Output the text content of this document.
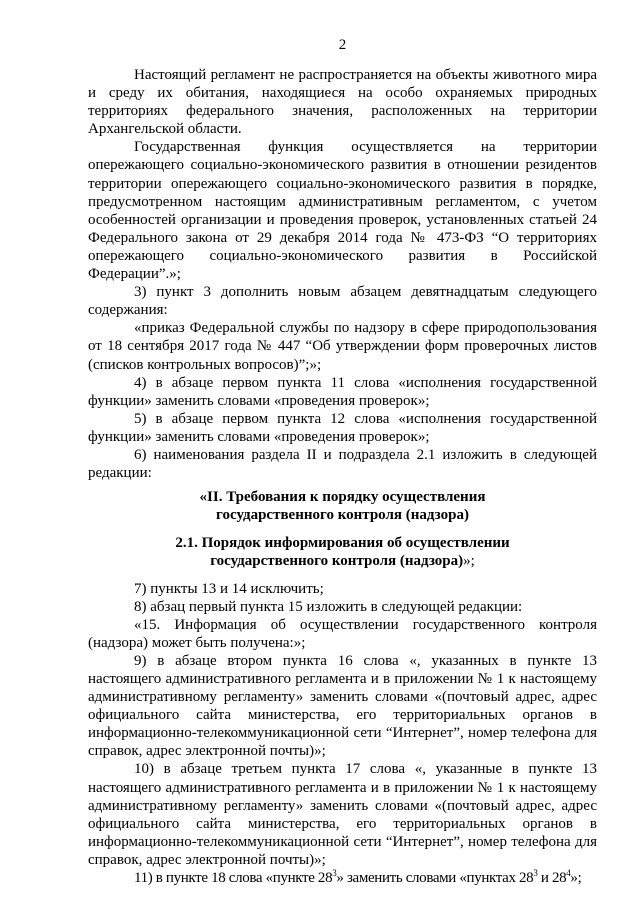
2

Настоящий регламент не распространяется на объекты животного мира и среду их обитания, находящиеся на особо охраняемых природных территориях федерального значения, расположенных на территории Архангельской области.

Государственная функция осуществляется на территории опережающего социально-экономического развития в отношении резидентов территории опережающего социально-экономического развития в порядке, предусмотренном настоящим административным регламентом, с учетом особенностей организации и проведения проверок, установленных статьей 24 Федерального закона от 29 декабря 2014 года № 473-ФЗ “О территориях опережающего социально-экономического развития в Российской Федерации”.»;

3) пункт 3 дополнить новым абзацем девятнадцатым следующего содержания:

«приказ Федеральной службы по надзору в сфере природопользования от 18 сентября 2017 года № 447 “Об утверждении форм проверочных листов (списков контрольных вопросов)”;»;

4) в абзаце первом пункта 11 слова «исполнения государственной функции» заменить словами «проведения проверок»;

5) в абзаце первом пункта 12 слова «исполнения государственной функции» заменить словами «проведения проверок»;

6) наименования раздела II и подраздела 2.1 изложить в следующей редакции:

«II. Требования к порядку осуществления
государственного контроля (надзора)
2.1. Порядок информирования об осуществлении
государственного контроля (надзора)»;

7) пункты 13 и 14 исключить;

8) абзац первый пункта 15 изложить в следующей редакции:

«15. Информация об осуществлении государственного контроля (надзора) может быть получена:»;

9) в абзаце втором пункта 16 слова «, указанных в пункте 13 настоящего административного регламента и в приложении № 1 к настоящему административному регламенту» заменить словами «(почтовый адрес, адрес официального сайта министерства, его территориальных органов в информационно-телекоммуникационной сети “Интернет”, номер телефона для справок, адрес электронной почты)»;

10) в абзаце третьем пункта 17 слова «, указанные в пункте 13 настоящего административного регламента и в приложении № 1 к настоящему административному регламенту» заменить словами «(почтовый адрес, адрес официального сайта министерства, его территориальных органов в информационно-телекоммуникационной сети “Интернет”, номер телефона для справок, адрес электронной почты)»;

11) в пункте 18 слова «пункте $28^3$» заменить словами «пунктах $28^3$ и $28^4$»;
